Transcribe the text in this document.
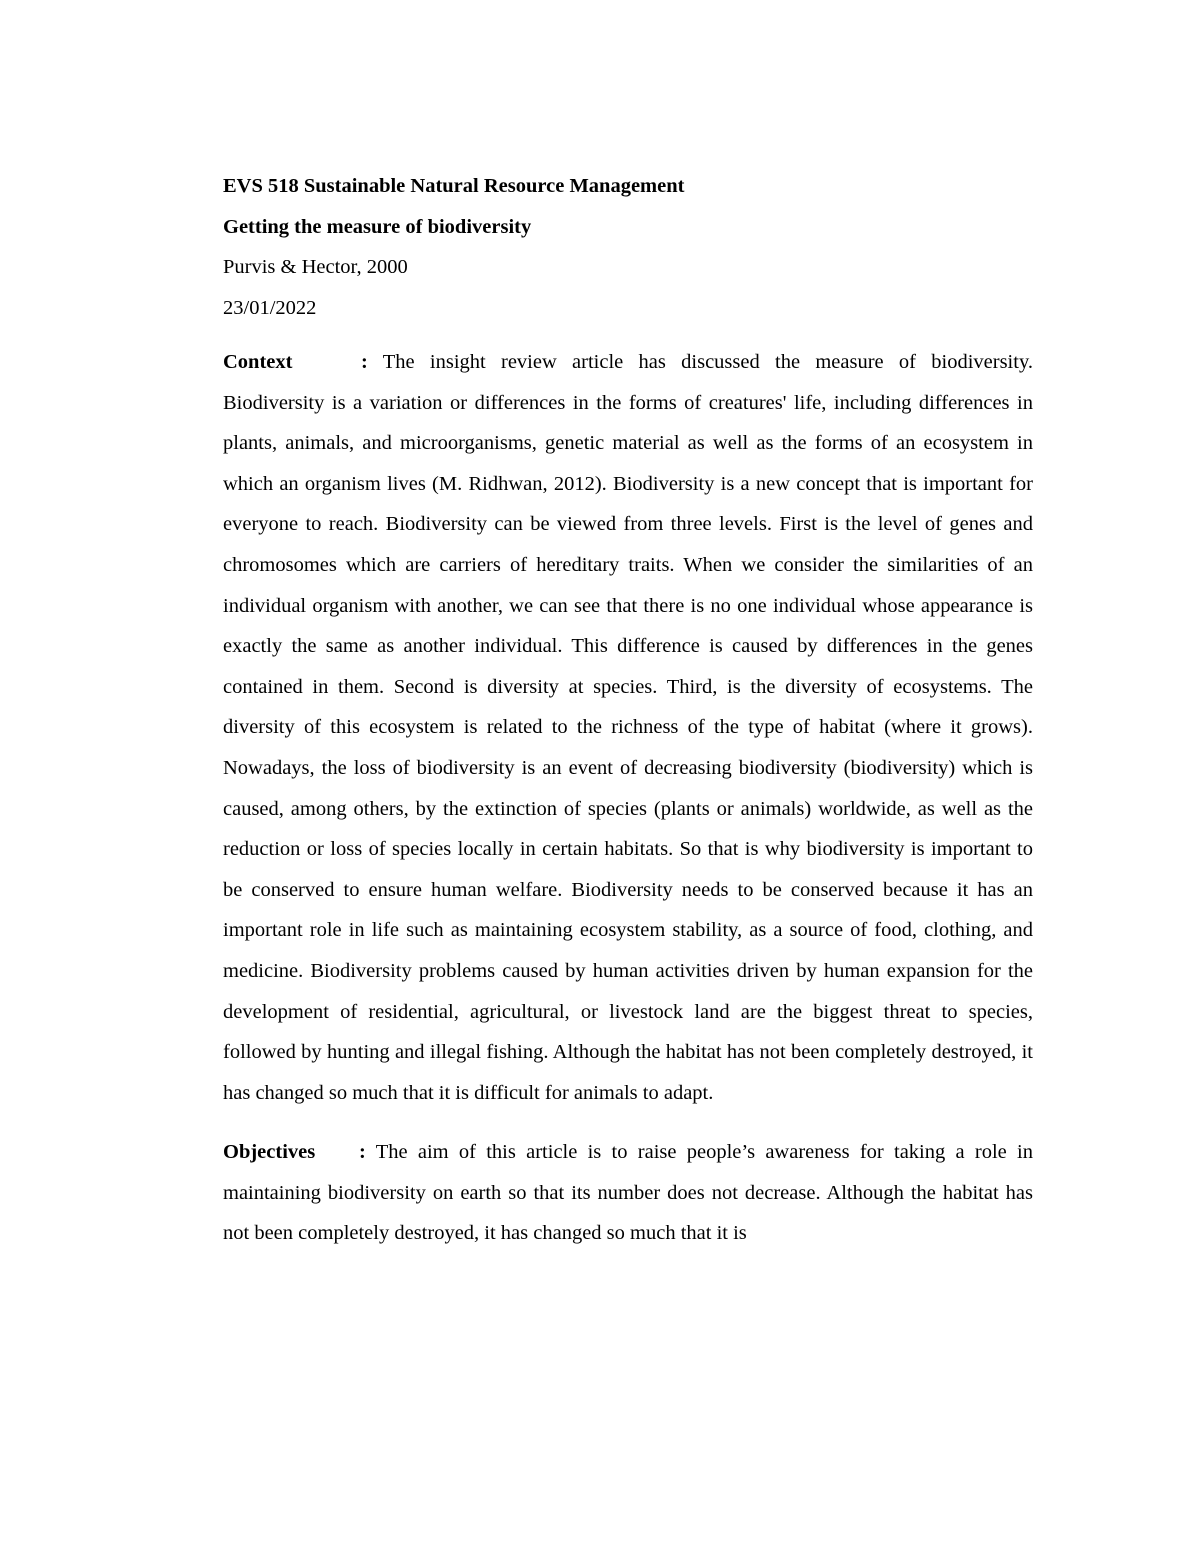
EVS 518 Sustainable Natural Resource Management
Getting the measure of biodiversity
Purvis & Hector, 2000
23/01/2022

Context	: The insight review article has discussed the measure of biodiversity. Biodiversity is a variation or differences in the forms of creatures' life, including differences in plants, animals, and microorganisms, genetic material as well as the forms of an ecosystem in which an organism lives (M. Ridhwan, 2012). Biodiversity is a new concept that is important for everyone to reach. Biodiversity can be viewed from three levels. First is the level of genes and chromosomes which are carriers of hereditary traits. When we consider the similarities of an individual organism with another, we can see that there is no one individual whose appearance is exactly the same as another individual. This difference is caused by differences in the genes contained in them. Second is diversity at species. Third, is the diversity of ecosystems. The diversity of this ecosystem is related to the richness of the type of habitat (where it grows). Nowadays, the loss of biodiversity is an event of decreasing biodiversity (biodiversity) which is caused, among others, by the extinction of species (plants or animals) worldwide, as well as the reduction or loss of species locally in certain habitats. So that is why biodiversity is important to be conserved to ensure human welfare. Biodiversity needs to be conserved because it has an important role in life such as maintaining ecosystem stability, as a source of food, clothing, and medicine. Biodiversity problems caused by human activities driven by human expansion for the development of residential, agricultural, or livestock land are the biggest threat to species, followed by hunting and illegal fishing. Although the habitat has not been completely destroyed, it has changed so much that it is difficult for animals to adapt.

Objectives : The aim of this article is to raise people’s awareness for taking a role in maintaining biodiversity on earth so that its number does not decrease. Although the habitat has not been completely destroyed, it has changed so much that it is
